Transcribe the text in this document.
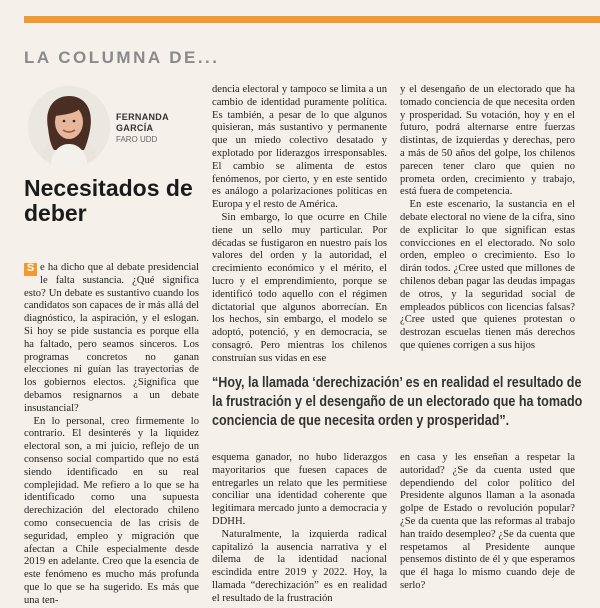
LA COLUMNA DE...
FERNANDA GARCÍA
FARO UDD
Necesitados de deber

S e ha dicho que al debate presidencial le falta sustancia. ¿Qué significa esto? Un debate es sustantivo cuando los candidatos son capaces de ir más allá del diagnóstico, la aspiración, y el eslogan. Si hoy se pide sustancia es porque ella ha faltado, pero seamos sinceros. Los programas concretos no ganan elecciones ni guían las trayectorias de los gobiernos electos. ¿Significa que debamos resignarnos a un debate insustancial?

En lo personal, creo firmemente lo contrario. El desinterés y la liquidez electoral son, a mi juicio, reflejo de un consenso social compartido que no está siendo identificado en su real complejidad. Me refiero a lo que se ha identificado como una supuesta derechización del electorado chileno como consecuencia de las crisis de seguridad, empleo y migración que afectan a Chile especialmente desde 2019 en adelante. Creo que la esencia de este fenómeno es mucho más profunda que lo que se ha sugerido. Es más que una ten-

dencia electoral y tampoco se limita a un cambio de identidad puramente política. Es también, a pesar de lo que algunos quisieran, más sustantivo y permanente que un miedo colectivo desatado y explotado por liderazgos irresponsables. El cambio se alimenta de estos fenómenos, por cierto, y en este sentido es análogo a polarizaciones políticas en Europa y el resto de América.

Sin embargo, lo que ocurre en Chile tiene un sello muy particular. Por décadas se fustigaron en nuestro país los valores del orden y la autoridad, el crecimiento económico y el mérito, el lucro y el emprendimiento, porque se identificó todo aquello con el régimen dictatorial que algunos aborrecían. En los hechos, sin embargo, el modelo se adoptó, potenció, y en democracia, se consagró. Pero mientras los chilenos construían sus vidas en ese

y el desengaño de un electorado que ha tomado conciencia de que necesita orden y prosperidad. Su votación, hoy y en el futuro, podrá alternarse entre fuerzas distintas, de izquierdas y derechas, pero a más de 50 años del golpe, los chilenos parecen tener claro que quien no prometa orden, crecimiento y trabajo, está fuera de competencia.

En este escenario, la sustancia en el debate electoral no viene de la cifra, sino de explicitar lo que significan estas convicciones en el electorado. No solo orden, empleo o crecimiento. Eso lo dirán todos. ¿Cree usted que millones de chilenos deban pagar las deudas impagas de otros, y la seguridad social de empleados públicos con licencias falsas? ¿Cree usted que quienes protestan o destrozan escuelas tienen más derechos que quienes corrigen a sus hijos

“Hoy, la llamada ‘derechización’ es en realidad el resultado de la frustración y el desengaño de un electorado que ha tomado conciencia de que necesita orden y prosperidad”.

esquema ganador, no hubo liderazgos mayoritarios que fuesen capaces de entregarles un relato que les permitiese conciliar una identidad coherente que legitimara mercado junto a democracia y DDHH.

Naturalmente, la izquierda radical capitalizó la ausencia narrativa y el dilema de la identidad nacional escindida entre 2019 y 2022. Hoy, la llamada “derechización” es en realidad el resultado de la frustración

en casa y les enseñan a respetar la autoridad? ¿Se da cuenta usted que dependiendo del color político del Presidente algunos llaman a la asonada golpe de Estado o revolución popular? ¿Se da cuenta que las reformas al trabajo han traído desempleo? ¿Se da cuenta que respetamos al Presidente aunque pensemos distinto de él y que esperamos que él haga lo mismo cuando deje de serlo?
